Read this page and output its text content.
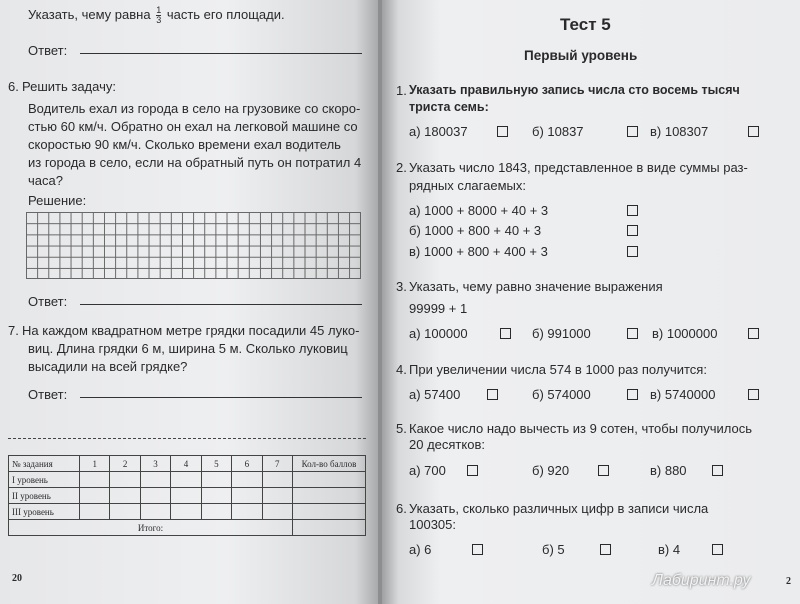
Указать, чему равна $\frac{1}{3}$ часть его площади.
Ответ:
6. Решить задачу:
Водитель ехал из города в село на грузовике со скоро-
стью 60 км/ч. Обратно он ехал на легковой машине со
скоростью 90 км/ч. Сколько времени ехал водитель
из города в село, если на обратный путь он потратил 4
часа?
Решение:
Ответ:
7. На каждом квадратном метре грядки посадили 45 луко-
виц. Длина грядки 6 м, ширина 5 м. Сколько луковиц
высадили на всей грядке?
Ответ:
№ задания	1	2	3	4	5	6	7	Кол-во баллов
I уровень								
II уровень								
III уровень								
Итого:								
20
Тест 5
Первый уровень
1. Указать правильную запись числа сто восемь тысяч
триста семь:
а) 180037	б) 10837	в) 108307
2. Указать число 1843, представленное в виде суммы раз-
рядных слагаемых:
а) 1000 + 8000 + 40 + 3
б) 1000 + 800 + 40 + 3
в) 1000 + 800 + 400 + 3
3. Указать, чему равно значение выражения
99999 + 1
а) 100000	б) 991000	в) 1000000
4. При увеличении числа 574 в 1000 раз получится:
а) 57400	б) 574000	в) 5740000
5. Какое число надо вычесть из 9 сотен, чтобы получилось
20 десятков:
а) 700	б) 920	в) 880
6. Указать, сколько различных цифр в записи числа
100305:
а) 6	б) 5	в) 4
2
Лабиринт.ру
